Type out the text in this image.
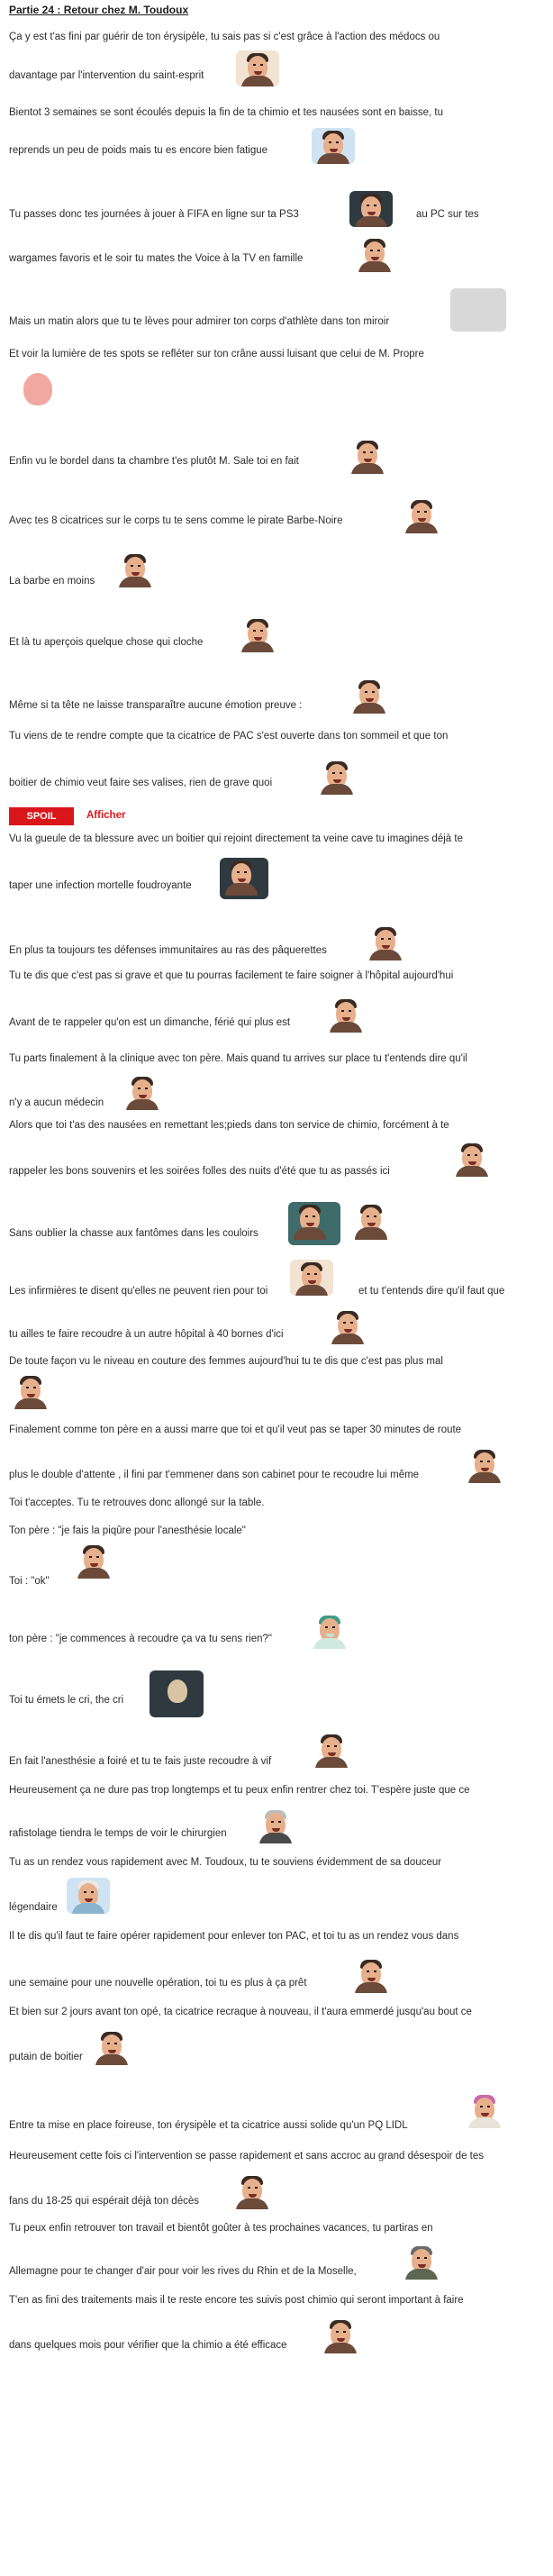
Partie 24 : Retour chez M. Toudoux
Ça y est t'as fini par guérir de ton érysipèle, tu sais pas si c'est grâce à l'action des médocs ou
davantage par l'intervention du saint-esprit
Bientot 3 semaines se sont écoulés depuis la fin de ta chimio et tes nausées sont en baisse, tu
reprends un peu de poids mais tu es encore bien fatigue
Tu passes donc tes journées à jouer à FIFA en ligne sur ta PS3	au PC sur tes
wargames favoris et le soir tu mates the Voice à la TV en famille
Mais un matin alors que tu te lèves pour admirer ton corps d'athlète dans ton miroir
Et voir la lumière de tes spots se refléter sur ton crâne aussi luisant que celui de M. Propre
Enfin vu le bordel dans ta chambre t'es plutôt M. Sale toi en fait
Avec tes 8 cicatrices sur le corps tu te sens comme le pirate Barbe-Noire
La barbe en moins
Et là tu aperçois quelque chose qui cloche
Même si ta tête ne laisse transparaître aucune émotion preuve :
Tu viens de te rendre compte que ta cicatrice de PAC s'est ouverte dans ton sommeil et que ton
boitier de chimio veut faire ses valises, rien de grave quoi
SPOIL	Afficher
Vu la gueule de ta blessure avec un boitier qui rejoint directement ta veine cave tu imagines déjà te
taper une infection mortelle foudroyante
En plus ta toujours tes défenses immunitaires au ras des pâquerettes
Tu te dis que c'est pas si grave et que tu pourras facilement te faire soigner à l'hôpital aujourd'hui
Avant de te rappeler qu'on est un dimanche, férié qui plus est
Tu parts finalement à la clinique avec ton père. Mais quand tu arrives sur place tu t'entends dire qu'il
n'y a aucun médecin
Alors que toi t'as des nausées en remettant les;pieds dans ton service de chimio, forcément à te
rappeler les bons souvenirs et les soirées folles des nuits d'été que tu as passés ici
Sans oublier la chasse aux fantômes dans les couloirs
Les infirmières te disent qu'elles ne peuvent rien pour toi	et tu t'entends dire qu'il faut que
tu ailles te faire recoudre à un autre hôpital à 40 bornes d'ici
De toute façon vu le niveau en couture des femmes aujourd'hui tu te dis que c'est pas plus mal
Finalement comme ton père en a aussi marre que toi et qu'il veut pas se taper 30 minutes de route
plus le double d'attente , il fini par t'emmener dans son cabinet pour te recoudre lui même
Toi t'acceptes. Tu te retrouves donc allongé sur la table.
Ton père : "je fais la piqûre pour l'anesthésie locale"
Toi : "ok"
ton père : "je commences à recoudre ça va tu sens rien?"
Toi tu émets le cri, the cri
En fait l'anesthésie a foiré et tu te fais juste recoudre à vif
Heureusement ça ne dure pas trop longtemps et tu peux enfin rentrer chez toi. T'espère juste que ce
rafistolage tiendra le temps de voir le chirurgien
Tu as un rendez vous rapidement avec M. Toudoux, tu te souviens évidemment de sa douceur
légendaire
Il te dis qu'il faut te faire opérer rapidement pour enlever ton PAC, et toi tu as un rendez vous dans
une semaine pour une nouvelle opération, toi tu es plus à ça prêt
Et bien sur 2 jours avant ton opé, ta cicatrice recraque à nouveau, il t'aura emmerdé jusqu'au bout ce
putain de boitier
Entre ta mise en place foireuse, ton érysipèle et ta cicatrice aussi solide qu'un PQ LIDL
Heureusement cette fois ci l'intervention se passe rapidement et sans accroc au grand désespoir de tes
fans du 18-25 qui espérait déjà ton décès
Tu peux enfin retrouver ton travail et bientôt goûter à tes prochaines vacances, tu partiras en
Allemagne pour te changer d'air pour voir les rives du Rhin et de la Moselle,
T'en as fini des traitements mais il te reste encore tes suivis post chimio qui seront important à faire
dans quelques mois pour vérifier que la chimio a été efficace
